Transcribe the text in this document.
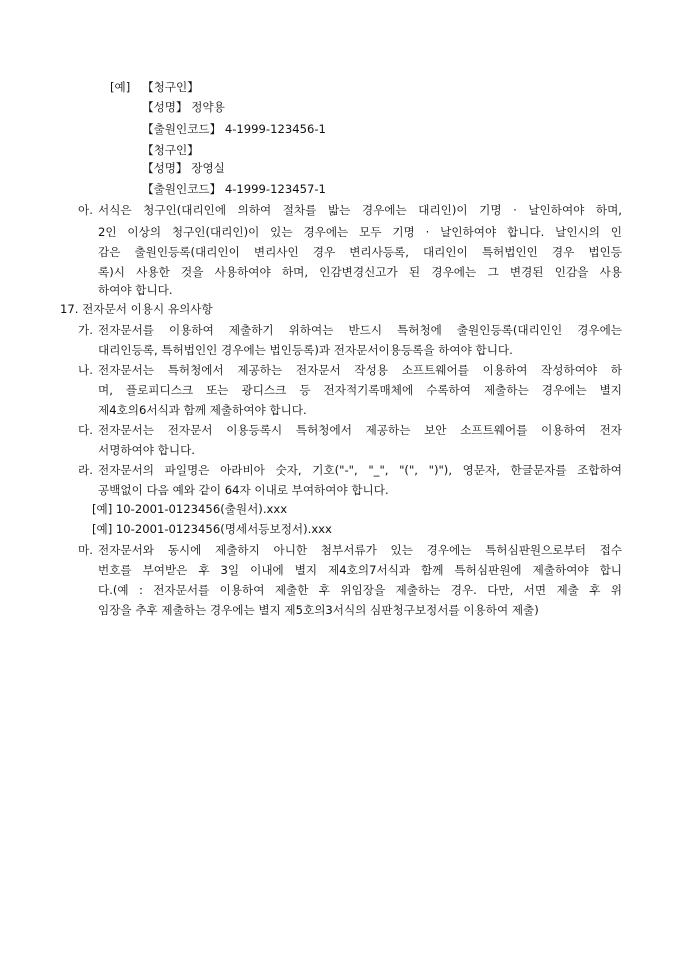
[예] 【청구인】
【성명】 정약용
【출원인코드】 4-1999-123456-1
【청구인】
【성명】 장영실
【출원인코드】 4-1999-123457-1
아. 서식은 청구인(대리인에 의하여 절차를 밟는 경우에는 대리인)이 기명 · 날인하여야 하며,
2인 이상의 청구인(대리인)이 있는 경우에는 모두 기명 · 날인하여야 합니다. 날인시의 인
감은 출원인등록(대리인이 변리사인 경우 변리사등록, 대리인이 특허법인인 경우 법인등
록)시 사용한 것을 사용하여야 하며, 인감변경신고가 된 경우에는 그 변경된 인감을 사용
하여야 합니다.
17. 전자문서 이용시 유의사항
가. 전자문서를 이용하여 제출하기 위하여는 반드시 특허청에 출원인등록(대리인인 경우에는
대리인등록, 특허법인인 경우에는 법인등록)과 전자문서이용등록을 하여야 합니다.
나. 전자문서는 특허청에서 제공하는 전자문서 작성용 소프트웨어를 이용하여 작성하여야 하
며, 플로피디스크 또는 광디스크 등 전자적기록매체에 수록하여 제출하는 경우에는 별지
제4호의6서식과 함께 제출하여야 합니다.
다. 전자문서는 전자문서 이용등록시 특허청에서 제공하는 보안 소프트웨어를 이용하여 전자
서명하여야 합니다.
라. 전자문서의 파일명은 아라비아 숫자, 기호("-", "_", "(", ")"), 영문자, 한글문자를 조합하여
공백없이 다음 예와 같이 64자 이내로 부여하여야 합니다.
[예] 10-2001-0123456(출원서).xxx
[예] 10-2001-0123456(명세서등보정서).xxx
마. 전자문서와 동시에 제출하지 아니한 첨부서류가 있는 경우에는 특허심판원으로부터 접수
번호를 부여받은 후 3일 이내에 별지 제4호의7서식과 함께 특허심판원에 제출하여야 합니
다.(예 : 전자문서를 이용하여 제출한 후 위임장을 제출하는 경우. 다만, 서면 제출 후 위
임장을 추후 제출하는 경우에는 별지 제5호의3서식의 심판청구보정서를 이용하여 제출)
